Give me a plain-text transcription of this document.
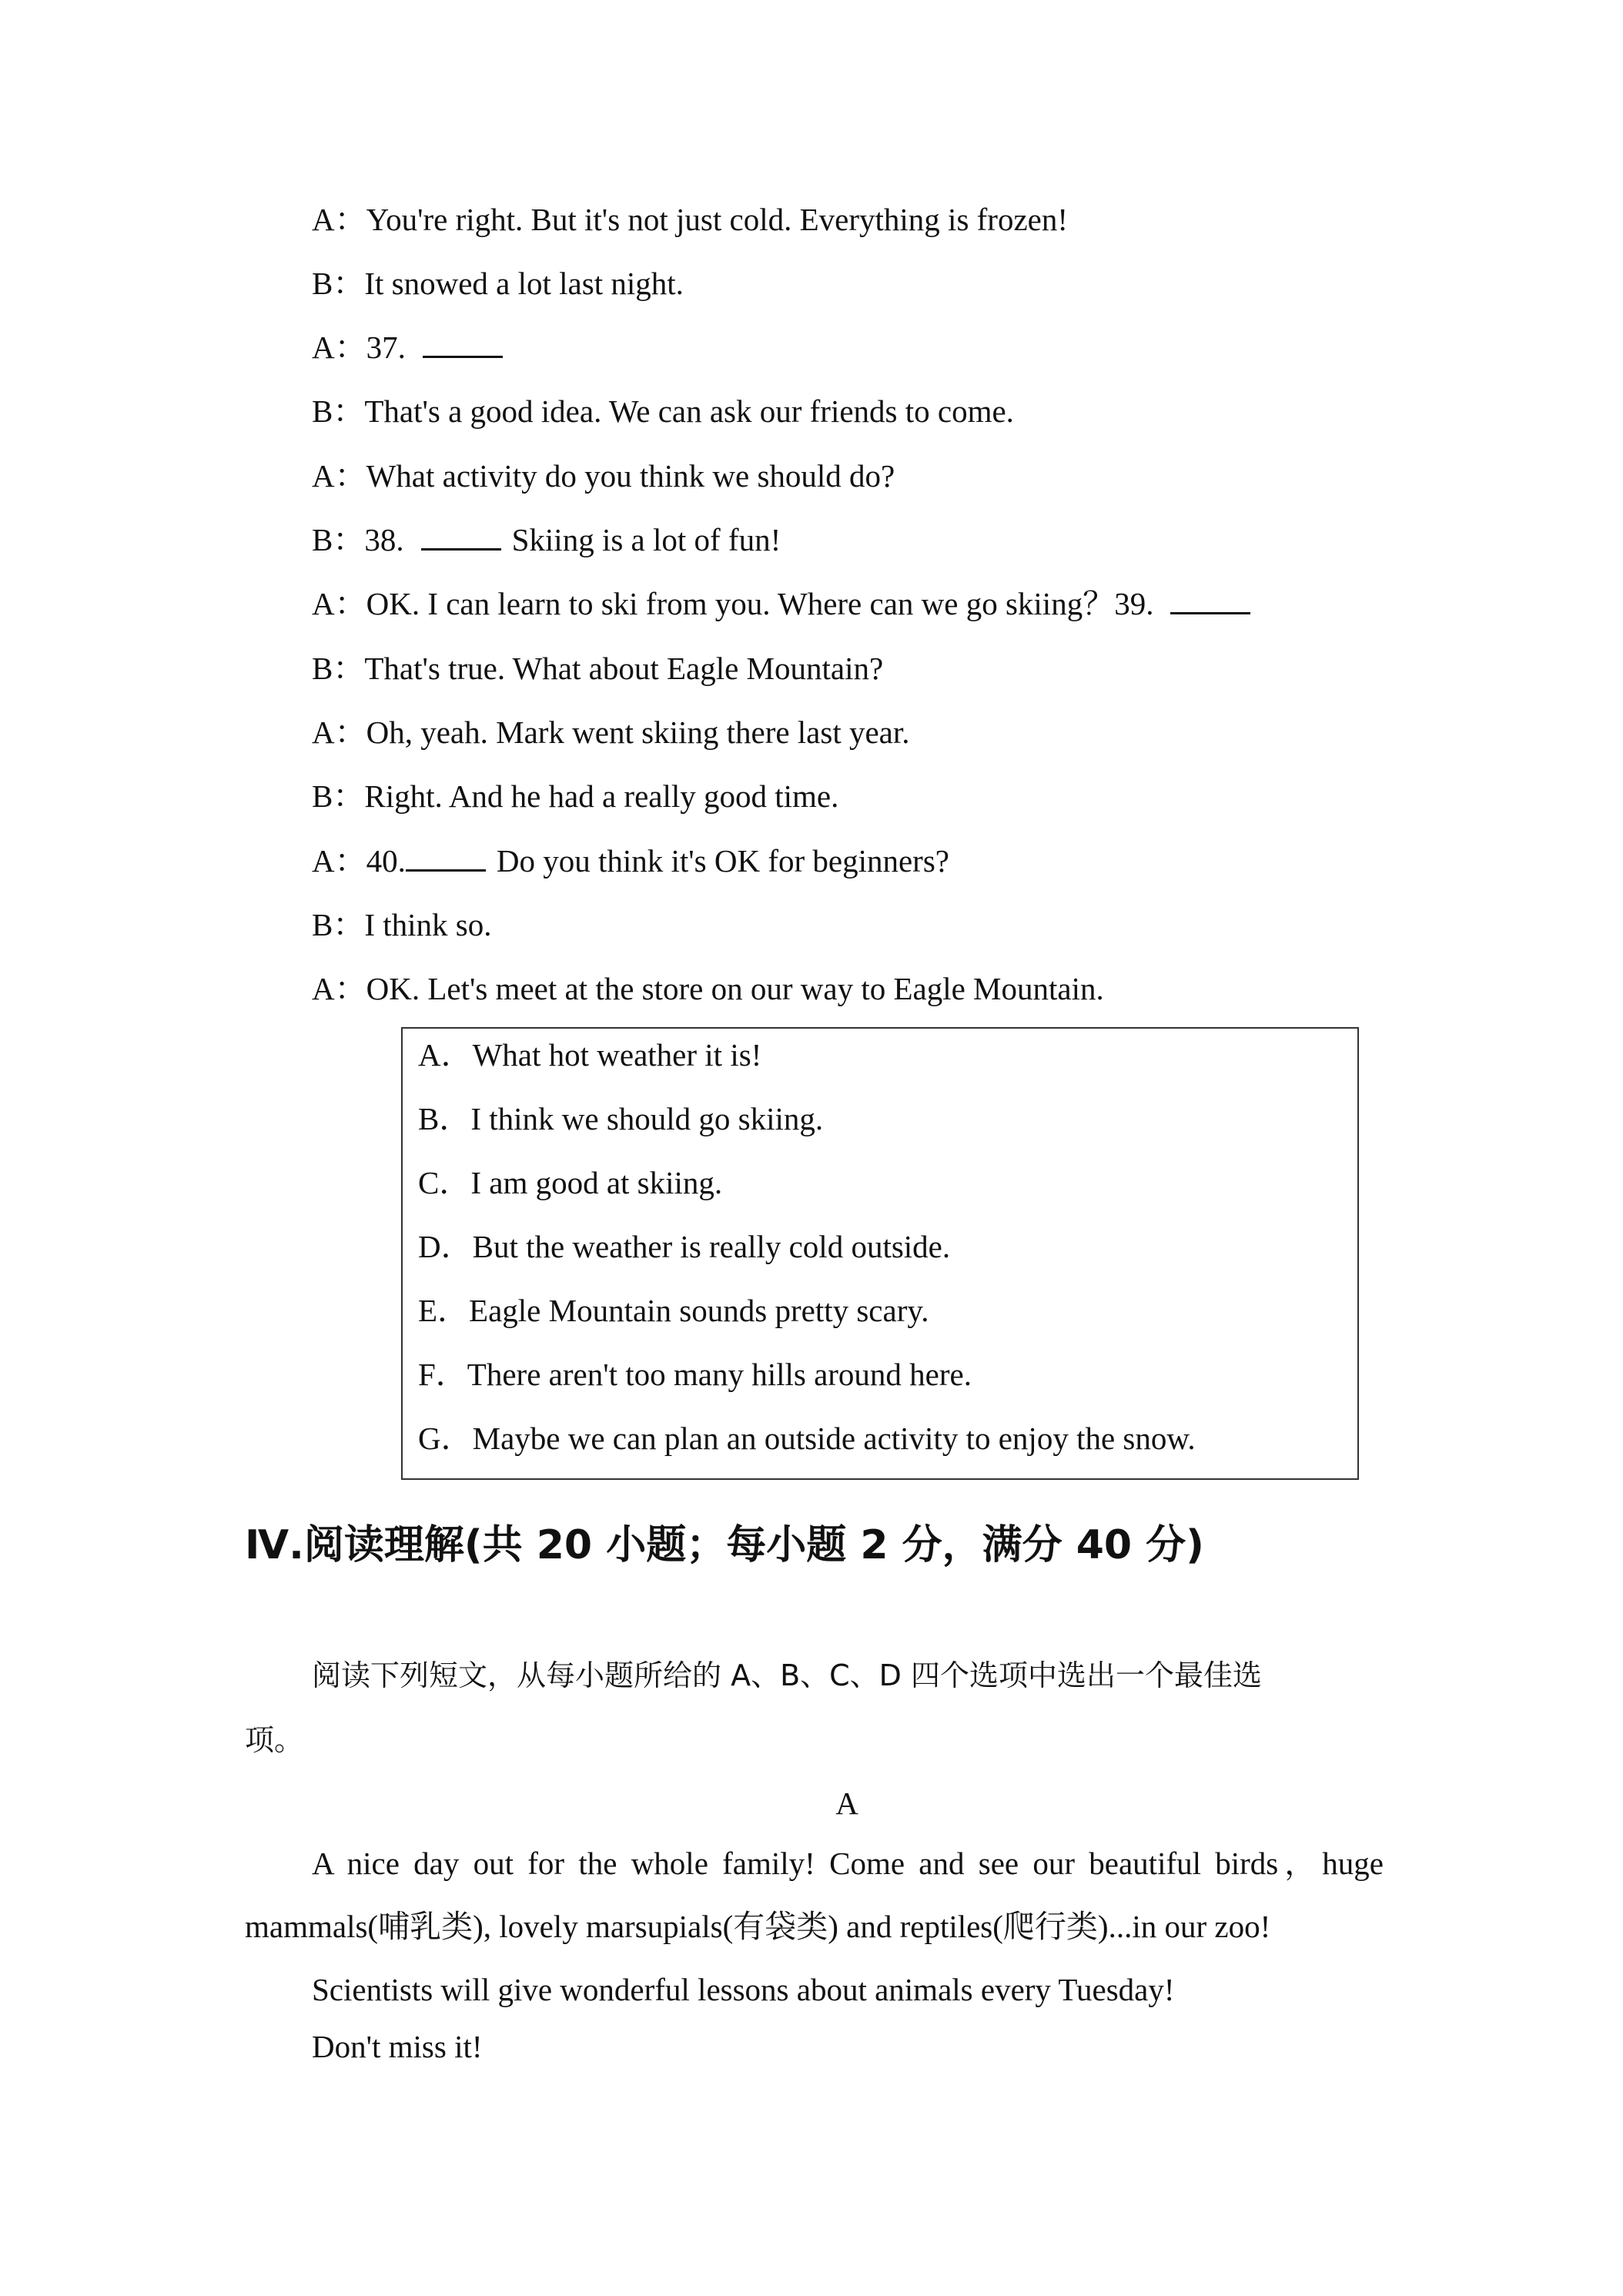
A：You're right. But it's not just cold. Everything is frozen!
B：It snowed a lot last night.
A：37.
B：That's a good idea. We can ask our friends to come.
A：What activity do you think we should do?
B：38.	Skiing is a lot of fun!
A：OK. I can learn to ski from you. Where can we go skiing？39.
B：That's true. What about Eagle Mountain?
A：Oh, yeah. Mark went skiing there last year.
B：Right. And he had a really good time.
A：40.	Do you think it's OK for beginners?
B：I think so.
A：OK. Let's meet at the store on our way to Eagle Mountain.
A．What hot weather it is!
B．I think we should go skiing.
C．I am good at skiing.
D．But the weather is really cold outside.
E．Eagle Mountain sounds pretty scary.
F．There aren't too many hills around here.
G．Maybe we can plan an outside activity to enjoy the snow.
Ⅳ.阅读理解(共 20 小题；每小题 2 分，满分 40 分)
阅读下列短文，从每小题所给的 A、B、C、D 四个选项中选出一个最佳选
项。
A
A nice day out for the whole family! Come and see our beautiful birds，huge
mammals(哺乳类), lovely marsupials(有袋类) and reptiles(爬行类)...in our zoo!
Scientists will give wonderful lessons about animals every Tuesday!
Don't miss it!
